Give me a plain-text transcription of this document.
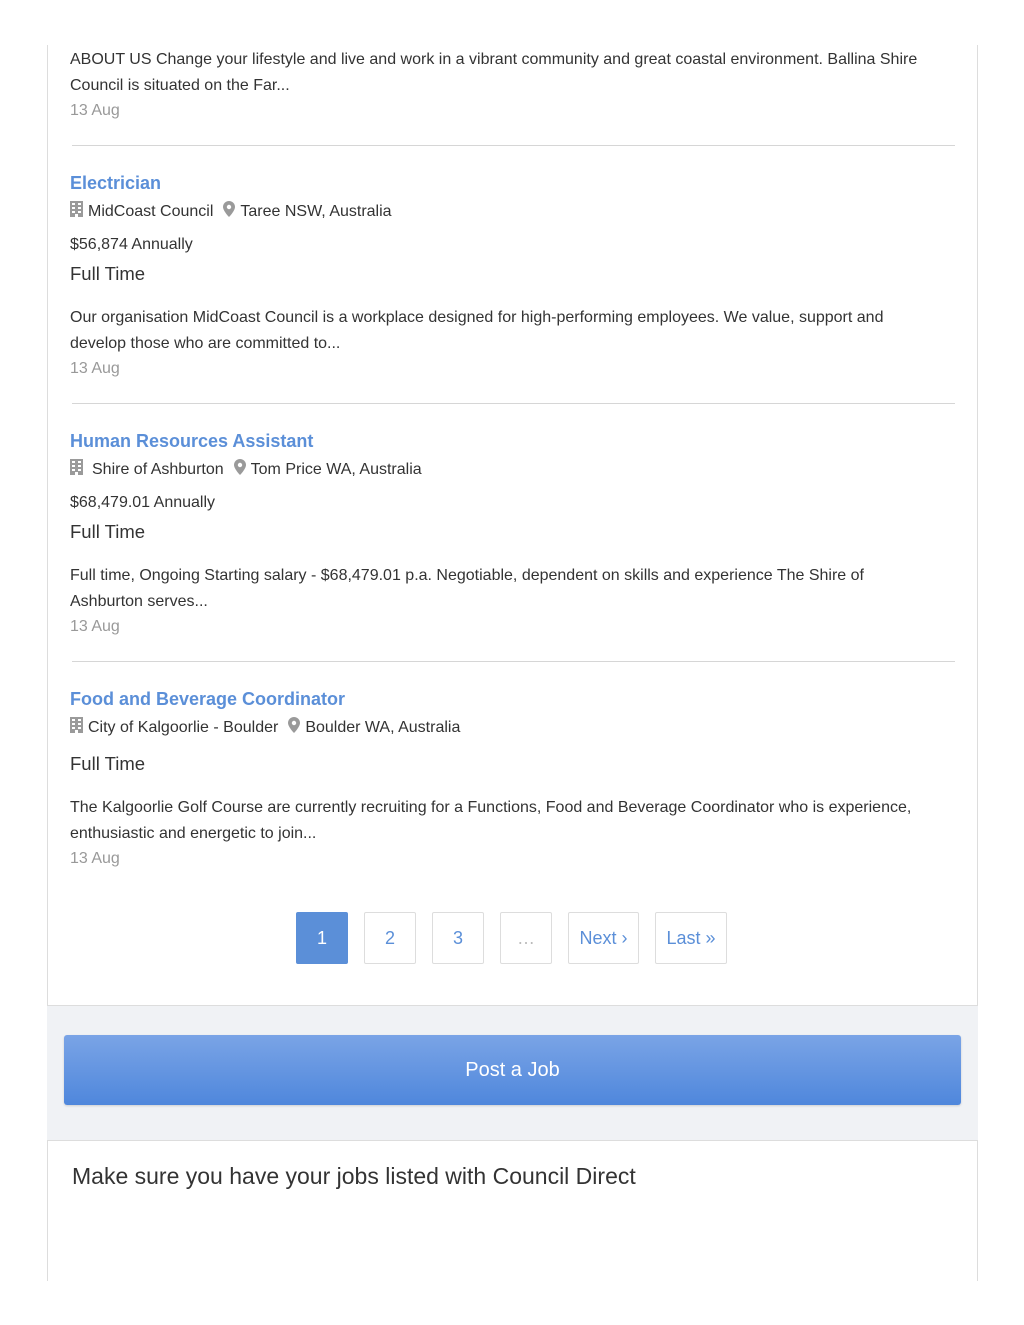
ABOUT US Change your lifestyle and live and work in a vibrant community and great coastal environment. Ballina Shire Council is situated on the Far...
13 Aug
Electrician
MidCoast Council Taree NSW, Australia
$56,874 Annually
Full Time
Our organisation MidCoast Council is a workplace designed for high-performing employees. We value, support and develop those who are committed to...
13 Aug
Human Resources Assistant
Shire of Ashburton Tom Price WA, Australia
$68,479.01 Annually
Full Time
Full time, Ongoing Starting salary - $68,479.01 p.a. Negotiable, dependent on skills and experience The Shire of Ashburton serves...
13 Aug
Food and Beverage Coordinator
City of Kalgoorlie - Boulder Boulder WA, Australia
Full Time
The Kalgoorlie Golf Course are currently recruiting for a Functions, Food and Beverage Coordinator who is experience, enthusiastic and energetic to join...
13 Aug
1	2	3	…	Next ›	Last »
Post a Job
Make sure you have your jobs listed with Council Direct
